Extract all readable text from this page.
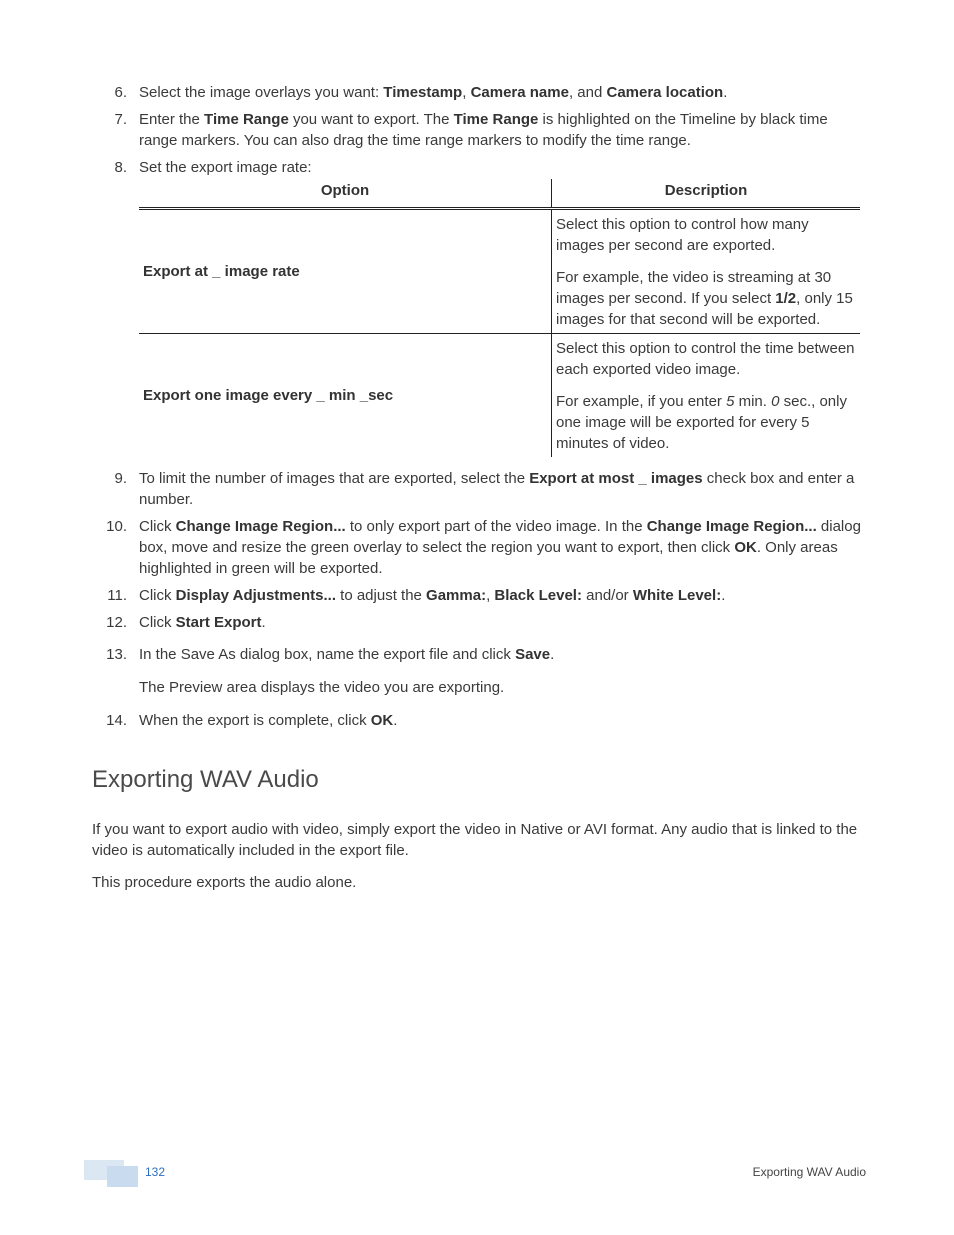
6. Select the image overlays you want: Timestamp, Camera name, and Camera location.
7. Enter the Time Range you want to export. The Time Range is highlighted on the Timeline by black time range markers. You can also drag the time range markers to modify the time range.
8. Set the export image rate:
Option	Description
Export at _ image rate	Select this option to control how many images per second are exported.

For example, the video is streaming at 30 images per second. If you select 1/2, only 15 images for that second will be exported.

Export one image every _ min _sec	Select this option to control the time between each exported video image.

For example, if you enter 5 min. 0 sec., only one image will be exported for every 5 minutes of video.

9. To limit the number of images that are exported, select the Export at most _ images check box and enter a number.
10. Click Change Image Region... to only export part of the video image. In the Change Image Region... dialog box, move and resize the green overlay to select the region you want to export, then click OK. Only areas highlighted in green will be exported.
11. Click Display Adjustments... to adjust the Gamma:, Black Level: and/or White Level:.
12. Click Start Export.
13. In the Save As dialog box, name the export file and click Save.
The Preview area displays the video you are exporting.
14. When the export is complete, click OK.
Exporting WAV Audio

If you want to export audio with video, simply export the video in Native or AVI format. Any audio that is linked to the video is automatically included in the export file.

This procedure exports the audio alone.

132	Exporting WAV Audio
